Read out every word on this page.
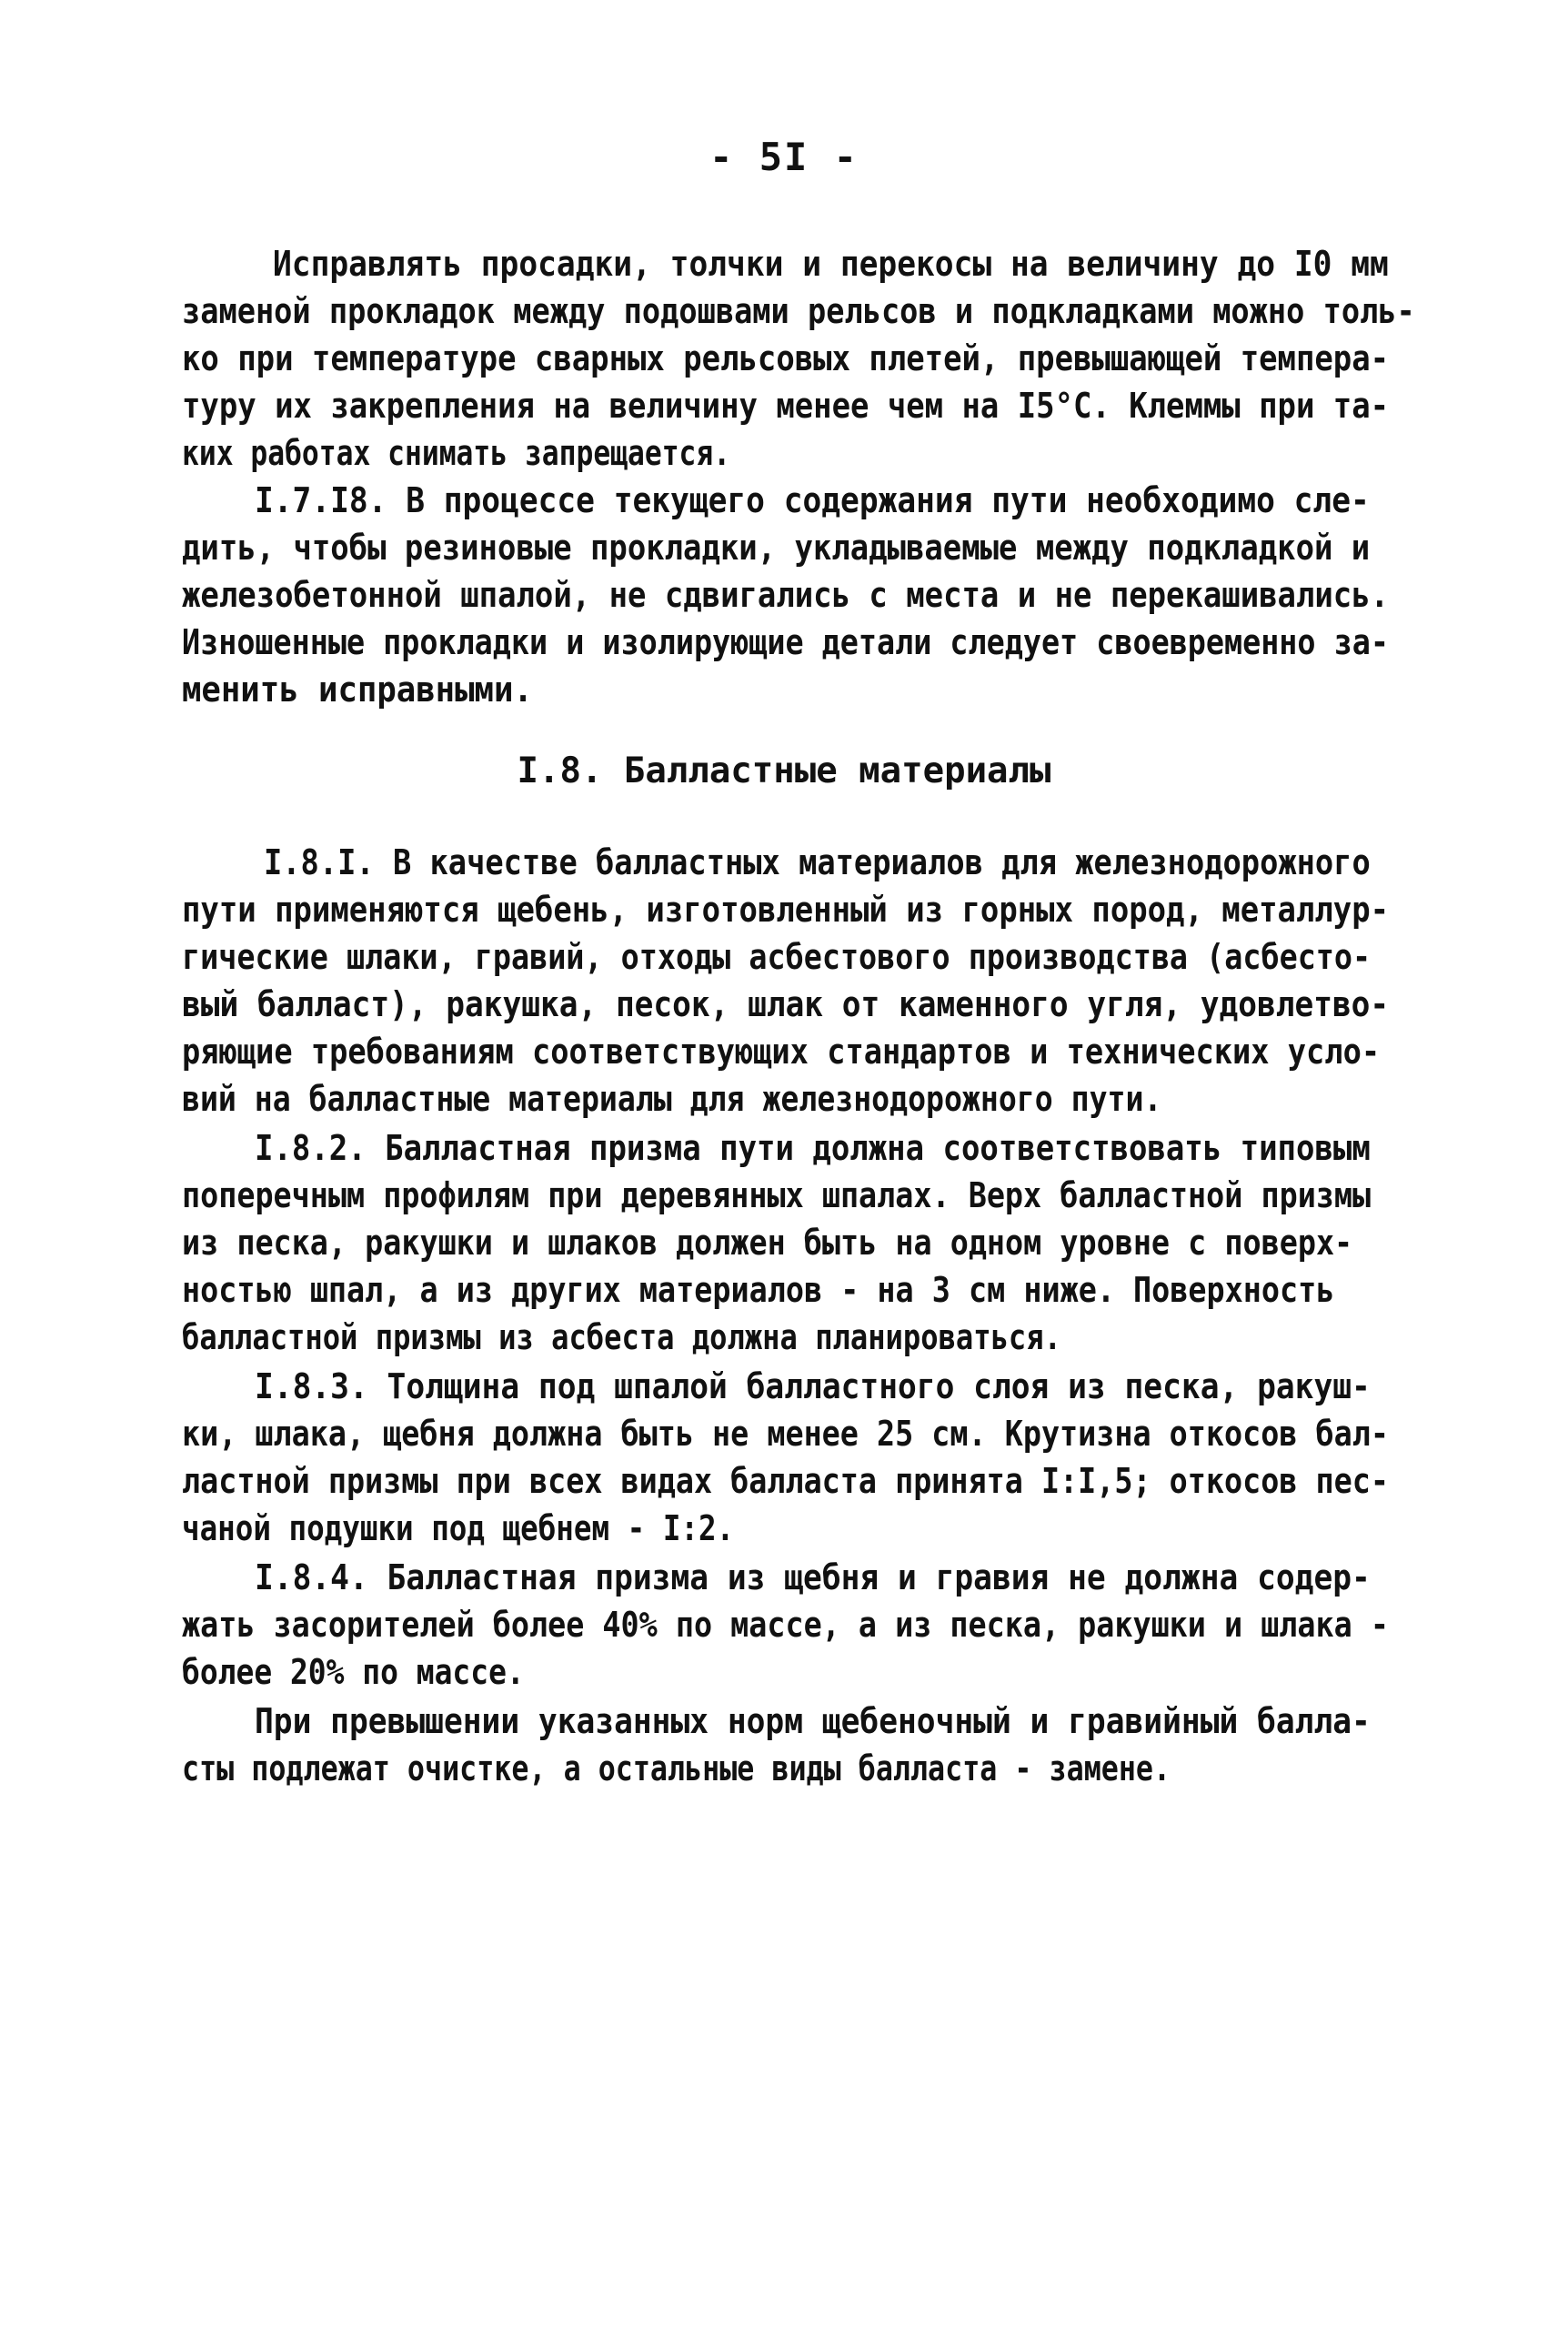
- 5I -
Исправлять просадки, толчки и перекосы на величину до I0 мм
заменой прокладок между подошвами рельсов и подкладками можно толь-
ко при температуре сварных рельсовых плетей, превышающей темпера-
туру их закрепления на величину менее чем на I5°С. Клеммы при та-
ких работах снимать запрещается.
I.7.I8. В процессе текущего содержания пути необходимо сле-
дить, чтобы резиновые прокладки, укладываемые между подкладкой и
железобетонной шпалой, не сдвигались с места и не перекашивались.
Изношенные прокладки и изолирующие детали следует своевременно за-
менить исправными.
I.8. Балластные материалы
I.8.I. В качестве балластных материалов для железнодорожного
пути применяются щебень, изготовленный из горных пород, металлур-
гические шлаки, гравий, отходы асбестового производства (асбесто-
вый балласт), ракушка, песок, шлак от каменного угля, удовлетво-
ряющие требованиям соответствующих стандартов и технических усло-
вий на балластные материалы для железнодорожного пути.
I.8.2. Балластная призма пути должна соответствовать типовым
поперечным профилям при деревянных шпалах. Верх балластной призмы
из песка, ракушки и шлаков должен быть на одном уровне с поверх-
ностью шпал, а из других материалов - на 3 см ниже. Поверхность
балластной призмы из асбеста должна планироваться.
I.8.3. Толщина под шпалой балластного слоя из песка, ракуш-
ки, шлака, щебня должна быть не менее 25 см. Крутизна откосов бал-
ластной призмы при всех видах балласта принята I:I,5; откосов пес-
чаной подушки под щебнем - I:2.
I.8.4. Балластная призма из щебня и гравия не должна содер-
жать засорителей более 40% по массе, а из песка, ракушки и шлака -
более 20% по массе.
При превышении указанных норм щебеночный и гравийный балла-
сты подлежат очистке, а остальные виды балласта - замене.
